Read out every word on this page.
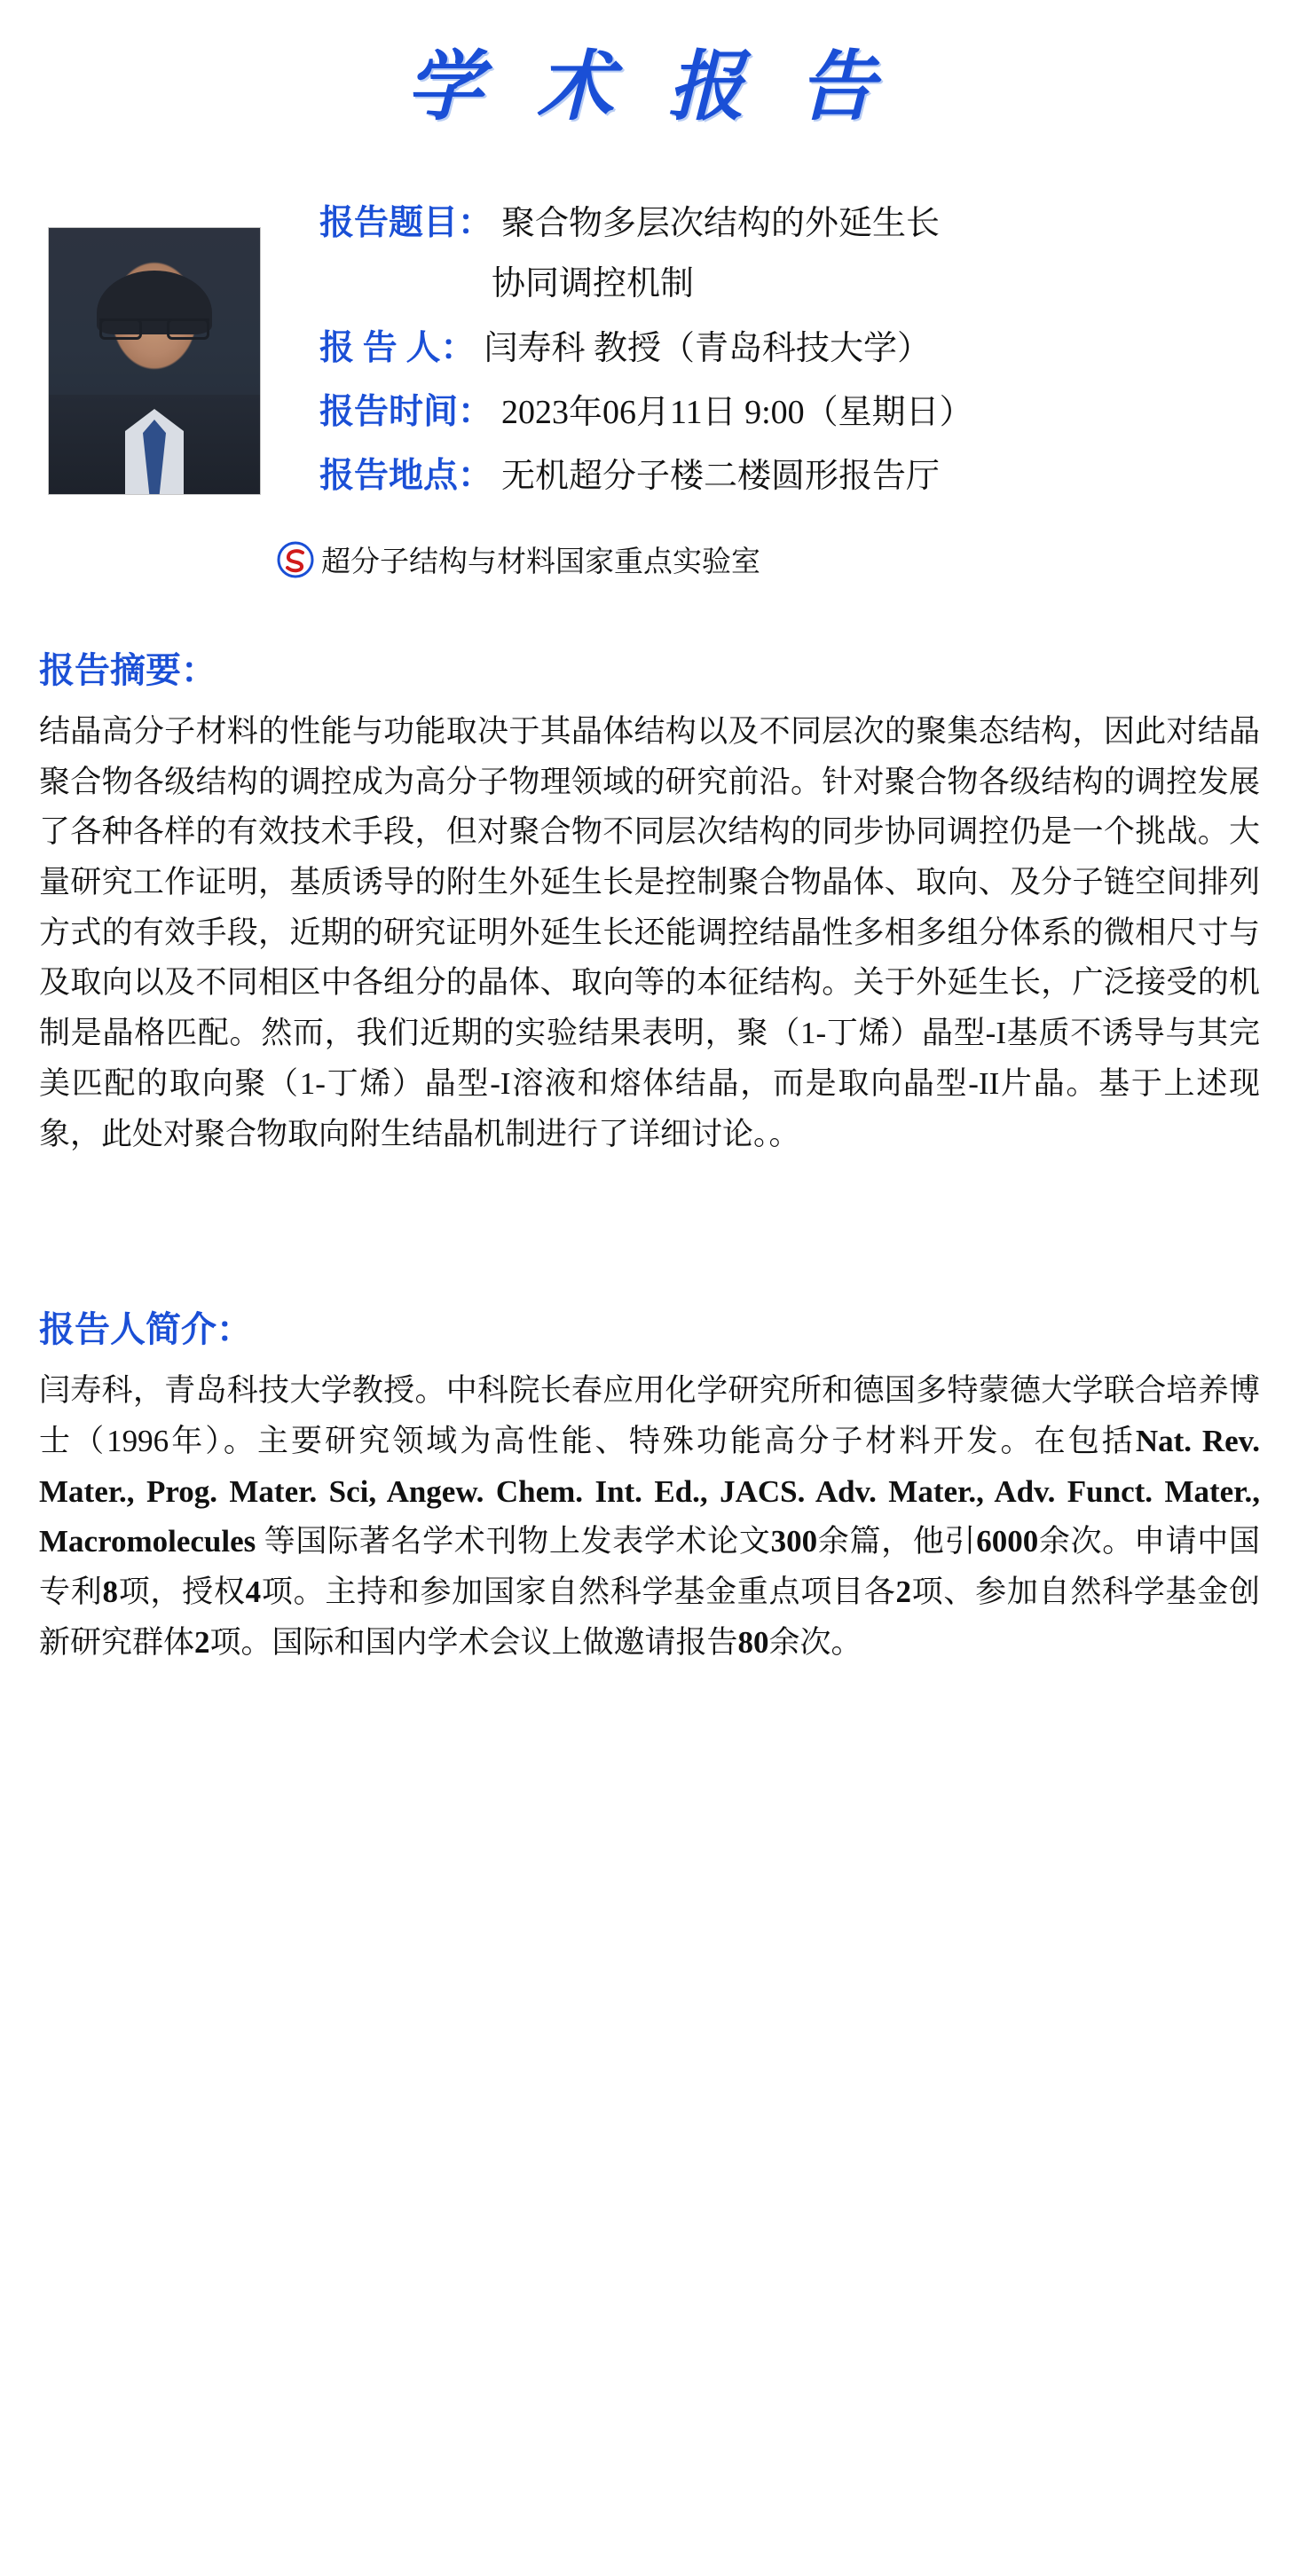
学 术 报 告
报告题目： 聚合物多层次结构的外延生长
协同调控机制
报 告 人： 闫寿科 教授（青岛科技大学）
报告时间： 2023年06月11日 9:00（星期日）
报告地点： 无机超分子楼二楼圆形报告厅
超分子结构与材料国家重点实验室
报告摘要：
结晶高分子材料的性能与功能取决于其晶体结构以及不同层次的聚集态结构，因此对结晶聚合物各级结构的调控成为高分子物理领域的研究前沿。针对聚合物各级结构的调控发展了各种各样的有效技术手段，但对聚合物不同层次结构的同步协同调控仍是一个挑战。大量研究工作证明，基质诱导的附生外延生长是控制聚合物晶体、取向、及分子链空间排列方式的有效手段，近期的研究证明外延生长还能调控结晶性多相多组分体系的微相尺寸与及取向以及不同相区中各组分的晶体、取向等的本征结构。关于外延生长，广泛接受的机制是晶格匹配。然而，我们近期的实验结果表明，聚（1-丁烯）晶型-I基质不诱导与其完美匹配的取向聚（1-丁烯）晶型-I溶液和熔体结晶，而是取向晶型-II片晶。基于上述现象，此处对聚合物取向附生结晶机制进行了详细讨论。。
报告人简介：
闫寿科，青岛科技大学教授。中科院长春应用化学研究所和德国多特蒙德大学联合培养博士（1996年）。主要研究领域为高性能、特殊功能高分子材料开发。在包括Nat. Rev. Mater., Prog. Mater. Sci, Angew. Chem. Int. Ed., JACS. Adv. Mater., Adv. Funct. Mater., Macromolecules 等国际著名学术刊物上发表学术论文300余篇，他引6000余次。申请中国专利8项，授权4项。主持和参加国家自然科学基金重点项目各2项、参加自然科学基金创新研究群体2项。国际和国内学术会议上做邀请报告80余次。
